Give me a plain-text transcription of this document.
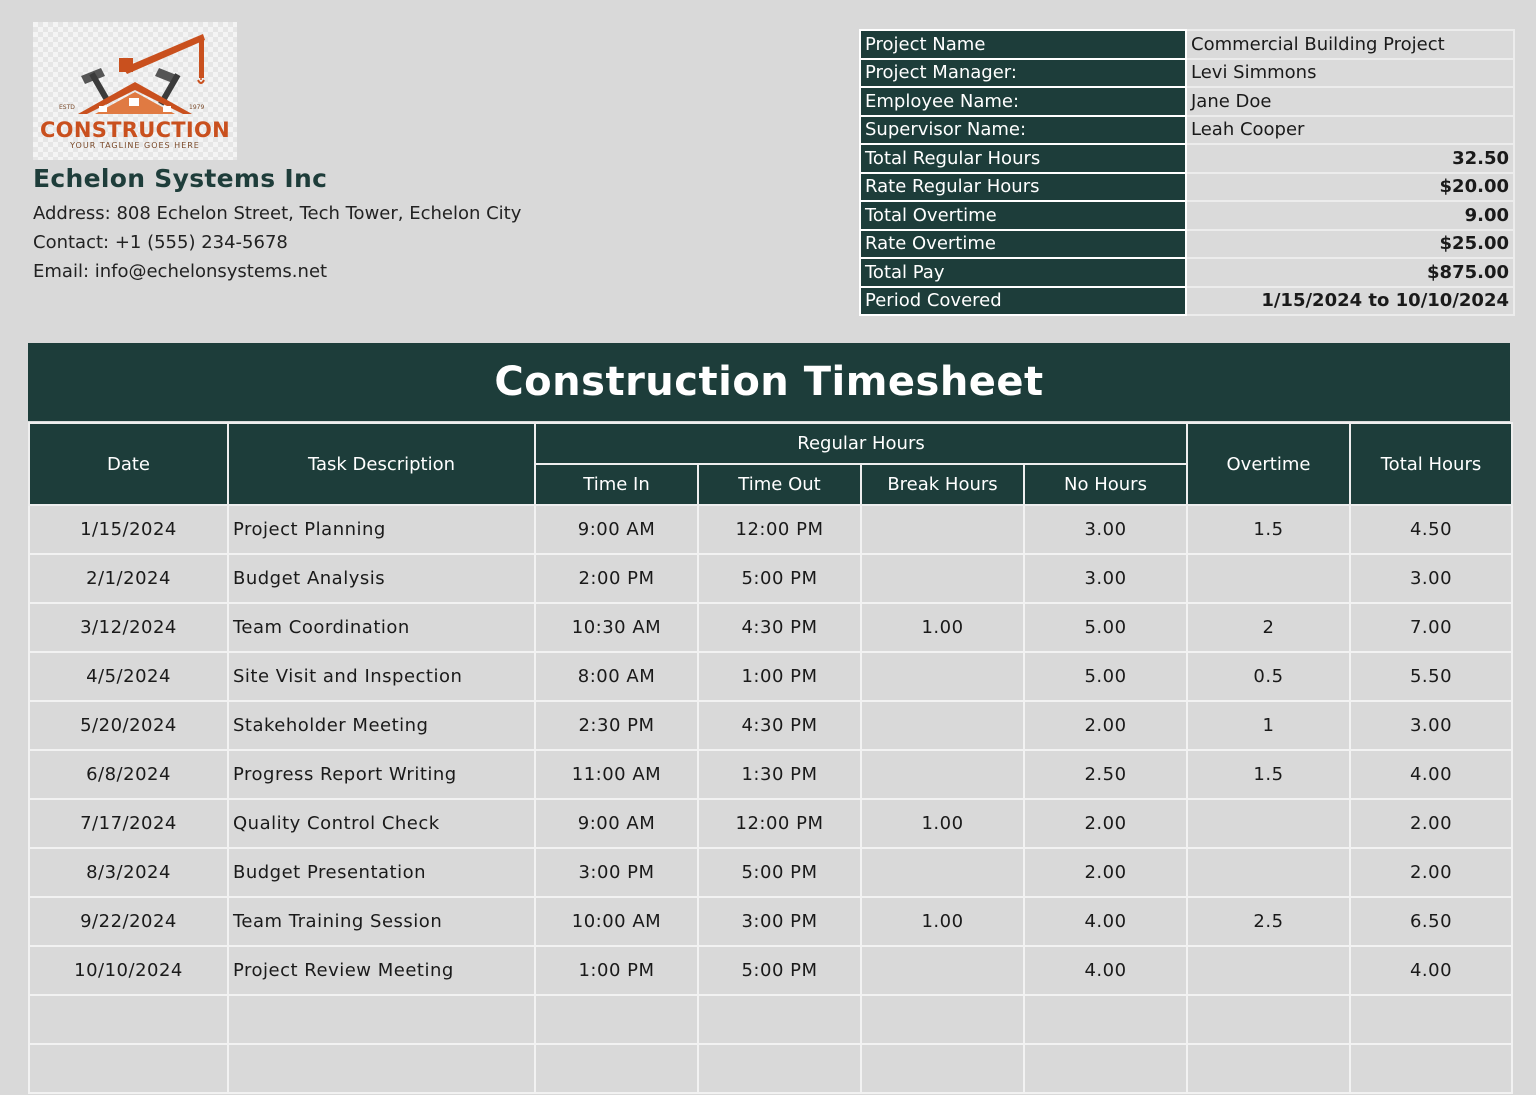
ESTD	1979
CONSTRUCTION
YOUR TAGLINE GOES HERE
Echelon Systems Inc
Address: 808 Echelon Street, Tech Tower, Echelon City
Contact: +1 (555) 234-5678
Email: info@echelonsystems.net
Project Name	Commercial Building Project
Project Manager:	Levi Simmons
Employee Name:	Jane Doe
Supervisor Name:	Leah Cooper
Total Regular Hours	32.50
Rate Regular Hours	$20.00
Total Overtime	9.00
Rate Overtime	$25.00
Total Pay	$875.00
Period Covered	1/15/2024 to 10/10/2024
Construction Timesheet
Date	Task Description	Regular Hours				Overtime	Total Hours
		Time In	Time Out	Break Hours	No Hours		
1/15/2024	Project Planning	9:00 AM	12:00 PM		3.00	1.5	4.50
2/1/2024	Budget Analysis	2:00 PM	5:00 PM		3.00		3.00
3/12/2024	Team Coordination	10:30 AM	4:30 PM	1.00	5.00	2	7.00
4/5/2024	Site Visit and Inspection	8:00 AM	1:00 PM		5.00	0.5	5.50
5/20/2024	Stakeholder Meeting	2:30 PM	4:30 PM		2.00	1	3.00
6/8/2024	Progress Report Writing	11:00 AM	1:30 PM		2.50	1.5	4.00
7/17/2024	Quality Control Check	9:00 AM	12:00 PM	1.00	2.00		2.00
8/3/2024	Budget Presentation	3:00 PM	5:00 PM		2.00		2.00
9/22/2024	Team Training Session	10:00 AM	3:00 PM	1.00	4.00	2.5	6.50
10/10/2024	Project Review Meeting	1:00 PM	5:00 PM		4.00		4.00
